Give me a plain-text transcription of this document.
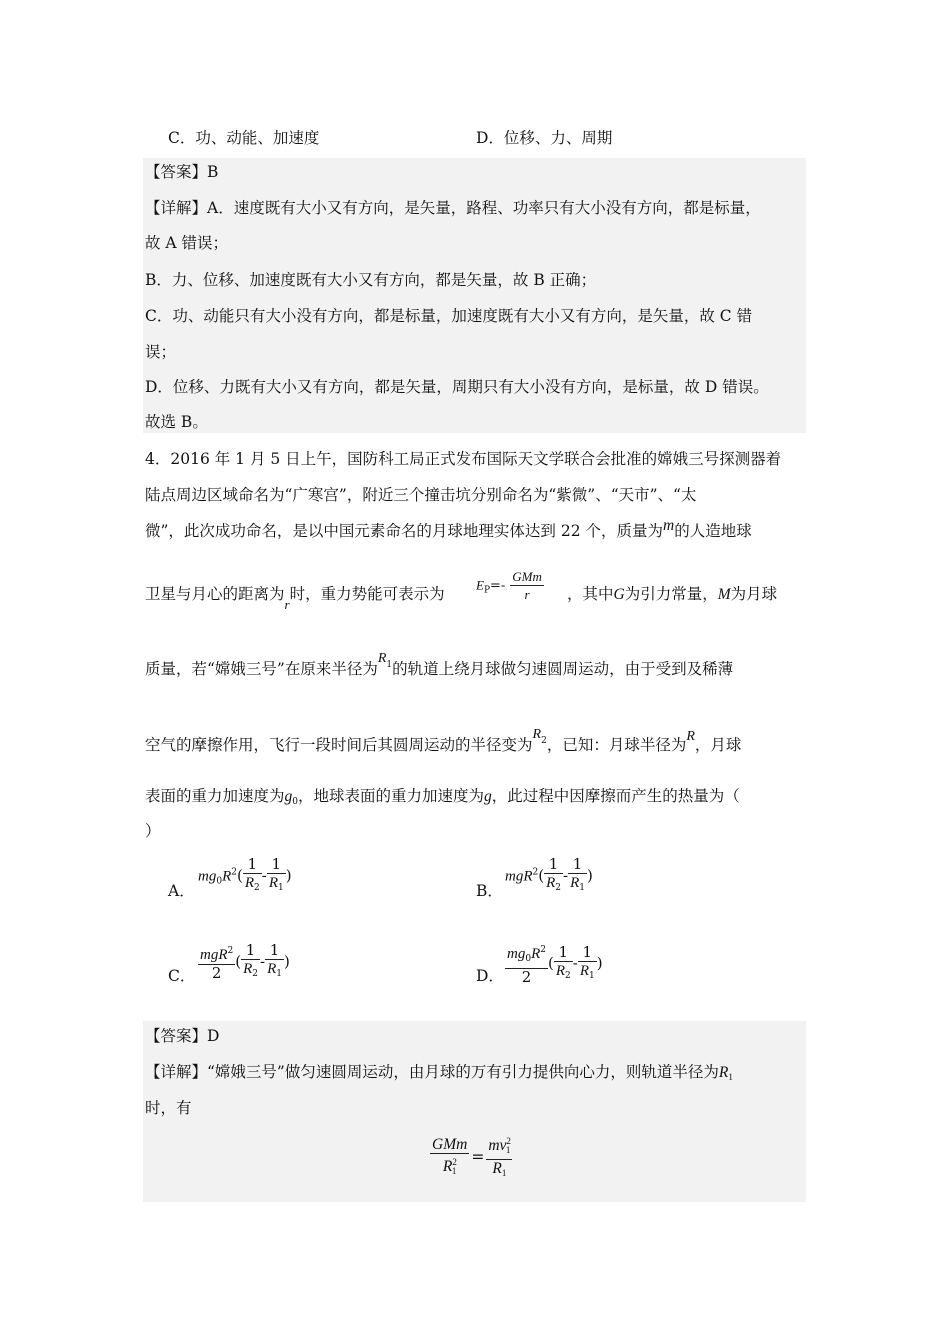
C．功、动能、加速度	D．位移、力、周期
【答案】B
【详解】A．速度既有大小又有方向，是矢量，路程、功率只有大小没有方向，都是标量，
故 A 错误；
B．力、位移、加速度既有大小又有方向，都是矢量，故 B 正确；
C．功、动能只有大小没有方向，都是标量，加速度既有大小又有方向，是矢量，故 C 错
误；
D．位移、力既有大小又有方向，都是矢量，周期只有大小没有方向，是标量，故 D 错误。
故选 B。
4．2016 年 1 月 5 日上午，国防科工局正式发布国际天文学联合会批准的嫦娥三号探测器着
陆点周边区域命名为“广寒宫”，附近三个撞击坑分别命名为“紫微”、“天市”、“太
微”，此次成功命名，是以中国元素命名的月球地理实体达到 22 个，质量为m的人造地球
卫星与月心的距离为$_r$时，重力势能可表示为 $E_P=- \frac{\text{GMm}}{r}$ ，其中G为引力常量，M为月球
质量，若“嫦娥三号”在原来半径为$R^1$的轨道上绕月球做匀速圆周运动，由于受到及稀薄
空气的摩擦作用，飞行一段时间后其圆周运动的半径变为$R^2$，已知：月球半径为R，月球
表面的重力加速度为$g_0$，地球表面的重力加速度为g，此过程中因摩擦而产生的热量为（
）
A．
$mg_0R^2( \frac{1}{R_2} - \frac{1}{R_1}$ )
B．
$mgR^2( \frac{1}{R_2} - \frac{1}{R_1}$ )
C． $\frac{mgR^2}{2}$ ( $\frac{1}{R_2} - \frac{1}{R_1}$ )
D． $\frac{mg_0R^2}{2}$ ( $\frac{1}{R_2} - \frac{1}{R_1}$ )
【答案】D
【详解】“嫦娥三号”做匀速圆周运动，由月球的万有引力提供向心力，则轨道半径为$R_1$
时，有
$\frac{\text{GMm}}{R^2_1} = \frac{mv^2_1}{R_1}$
